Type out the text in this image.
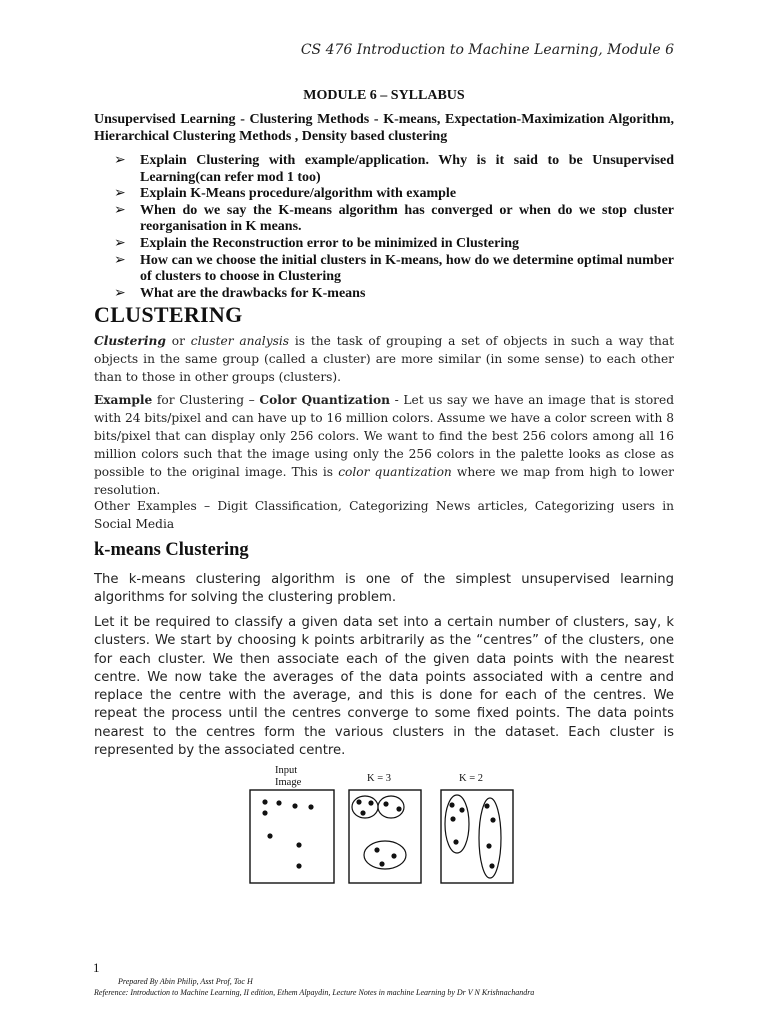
CS 476 Introduction to Machine Learning, Module 6
MODULE 6 – SYLLABUS
Unsupervised Learning - Clustering Methods - K-means, Expectation-Maximization Algorithm, Hierarchical Clustering Methods , Density based clustering
➢ Explain Clustering with example/application. Why is it said to be Unsupervised Learning(can refer mod 1 too)
➢ Explain K-Means procedure/algorithm with example
➢ When do we say the K-means algorithm has converged or when do we stop cluster reorganisation in K means.
➢ Explain the Reconstruction error to be minimized in Clustering
➢ How can we choose the initial clusters in K-means, how do we determine optimal number of clusters to choose in Clustering
➢ What are the drawbacks for K-means
CLUSTERING
Clustering or cluster analysis is the task of grouping a set of objects in such a way that objects in the same group (called a cluster) are more similar (in some sense) to each other than to those in other groups (clusters).
Example for Clustering – Color Quantization - Let us say we have an image that is stored with 24 bits/pixel and can have up to 16 million colors. Assume we have a color screen with 8 bits/pixel that can display only 256 colors. We want to find the best 256 colors among all 16 million colors such that the image using only the 256 colors in the palette looks as close as possible to the original image. This is color quantization where we map from high to lower resolution.
Other Examples – Digit Classification, Categorizing News articles, Categorizing users in Social Media
k-means Clustering
The k-means clustering algorithm is one of the simplest unsupervised learning algorithms for solving the clustering problem.
Let it be required to classify a given data set into a certain number of clusters, say, k clusters. We start by choosing k points arbitrarily as the “centres” of the clusters, one for each cluster. We then associate each of the given data points with the nearest centre. We now take the averages of the data points associated with a centre and replace the centre with the average, and this is done for each of the centres. We repeat the process until the centres converge to some fixed points. The data points nearest to the centres form the various clusters in the dataset. Each cluster is represented by the associated centre.
Input
Image	K = 3	K = 2
1
Prepared By Abin Philip, Asst Prof, Toc H
Reference: Introduction to Machine Learning, II edition, Ethem Alpaydin, Lecture Notes in machine Learning by Dr V N Krishnachandra
